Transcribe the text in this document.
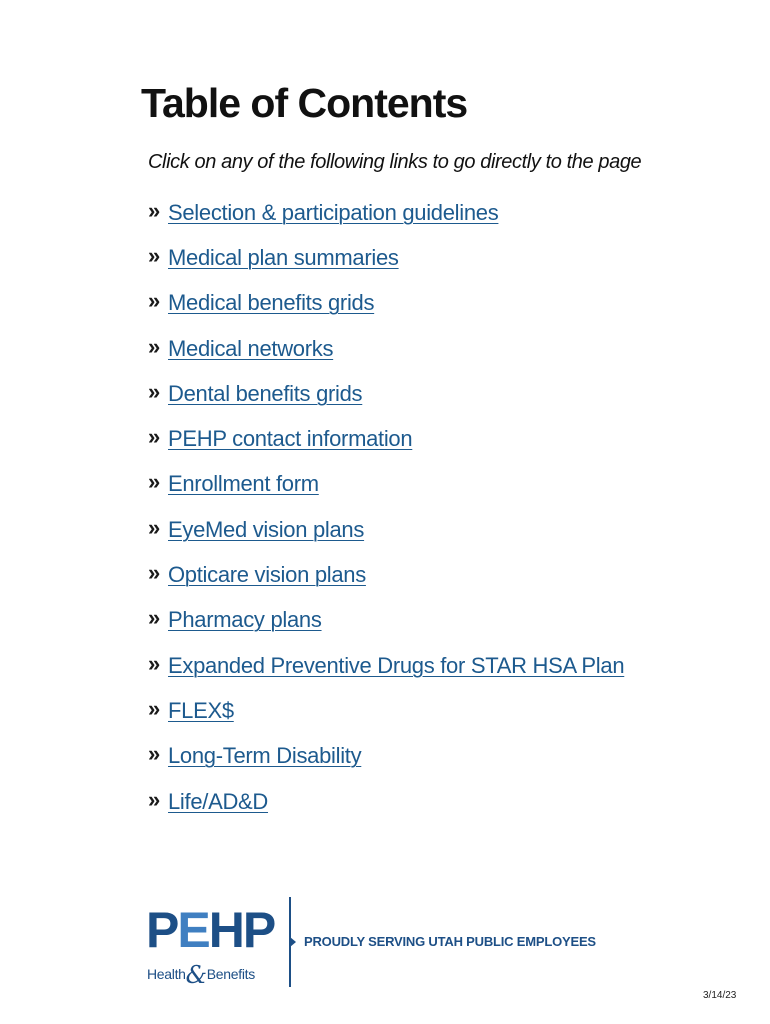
Table of Contents

Click on any of the following links to go directly to the page

» Selection & participation guidelines
» Medical plan summaries
» Medical benefits grids
» Medical networks
» Dental benefits grids
» PEHP contact information
» Enrollment form
» EyeMed vision plans
» Opticare vision plans
» Pharmacy plans
» Expanded Preventive Drugs for STAR HSA Plan
» FLEX$
» Long-Term Disability
» Life/AD&D
PEHP
Health&Benefits
PROUDLY SERVING UTAH PUBLIC EMPLOYEES
3/14/23
